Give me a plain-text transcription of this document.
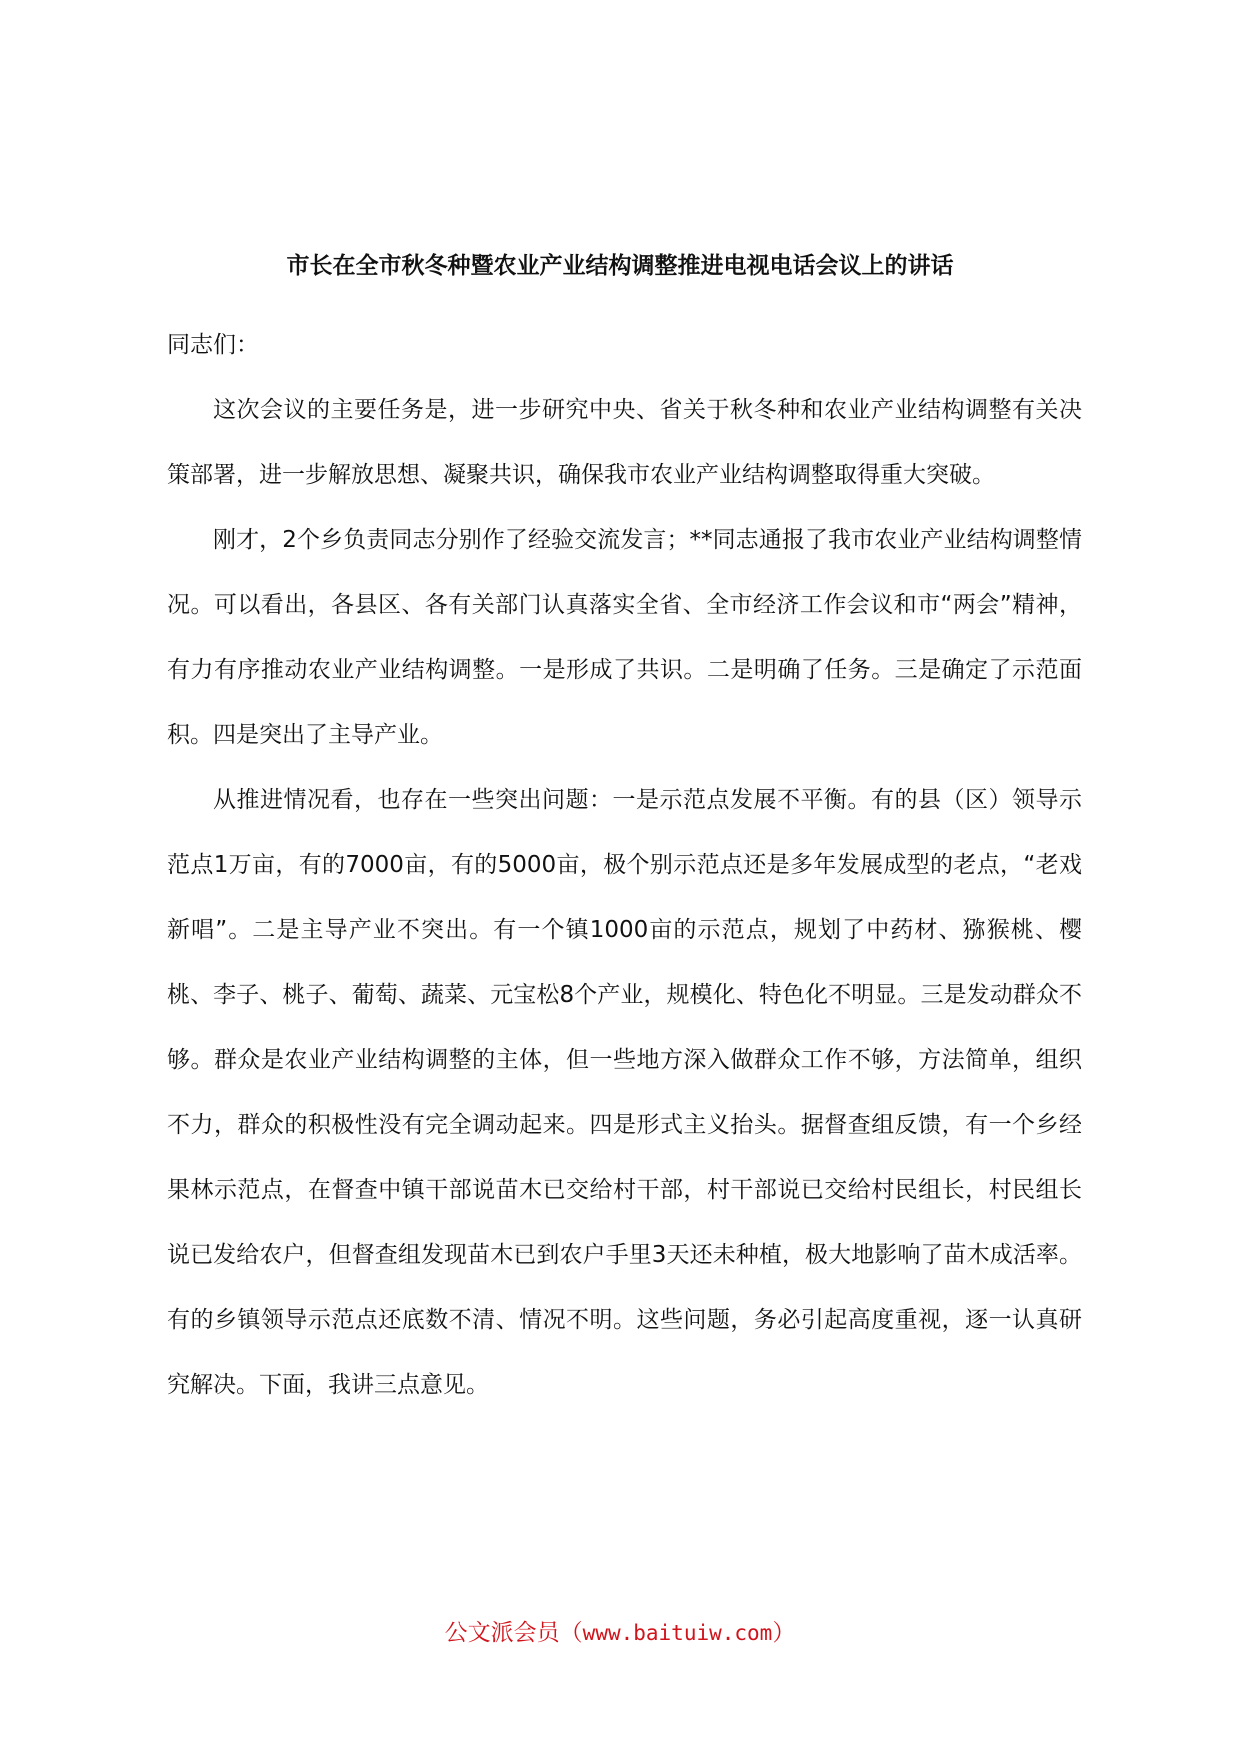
市长在全市秋冬种暨农业产业结构调整推进电视电话会议上的讲话

同志们：

这次会议的主要任务是，进一步研究中央、省关于秋冬种和农业产业结构调整有关决策部署，进一步解放思想、凝聚共识，确保我市农业产业结构调整取得重大突破。

刚才，2个乡负责同志分别作了经验交流发言；**同志通报了我市农业产业结构调整情况。可以看出，各县区、各有关部门认真落实全省、全市经济工作会议和市“两会”精神，有力有序推动农业产业结构调整。一是形成了共识。二是明确了任务。三是确定了示范面积。四是突出了主导产业。

从推进情况看，也存在一些突出问题：一是示范点发展不平衡。有的县（区）领导示范点1万亩，有的7000亩，有的5000亩，极个别示范点还是多年发展成型的老点，“老戏新唱”。二是主导产业不突出。有一个镇1000亩的示范点，规划了中药材、猕猴桃、樱桃、李子、桃子、葡萄、蔬菜、元宝松8个产业，规模化、特色化不明显。三是发动群众不够。群众是农业产业结构调整的主体，但一些地方深入做群众工作不够，方法简单，组织不力，群众的积极性没有完全调动起来。四是形式主义抬头。据督查组反馈，有一个乡经果林示范点，在督查中镇干部说苗木已交给村干部，村干部说已交给村民组长，村民组长说已发给农户，但督查组发现苗木已到农户手里3天还未种植，极大地影响了苗木成活率。有的乡镇领导示范点还底数不清、情况不明。这些问题，务必引起高度重视，逐一认真研究解决。下面，我讲三点意见。

公文派会员（www.baituiw.com）
